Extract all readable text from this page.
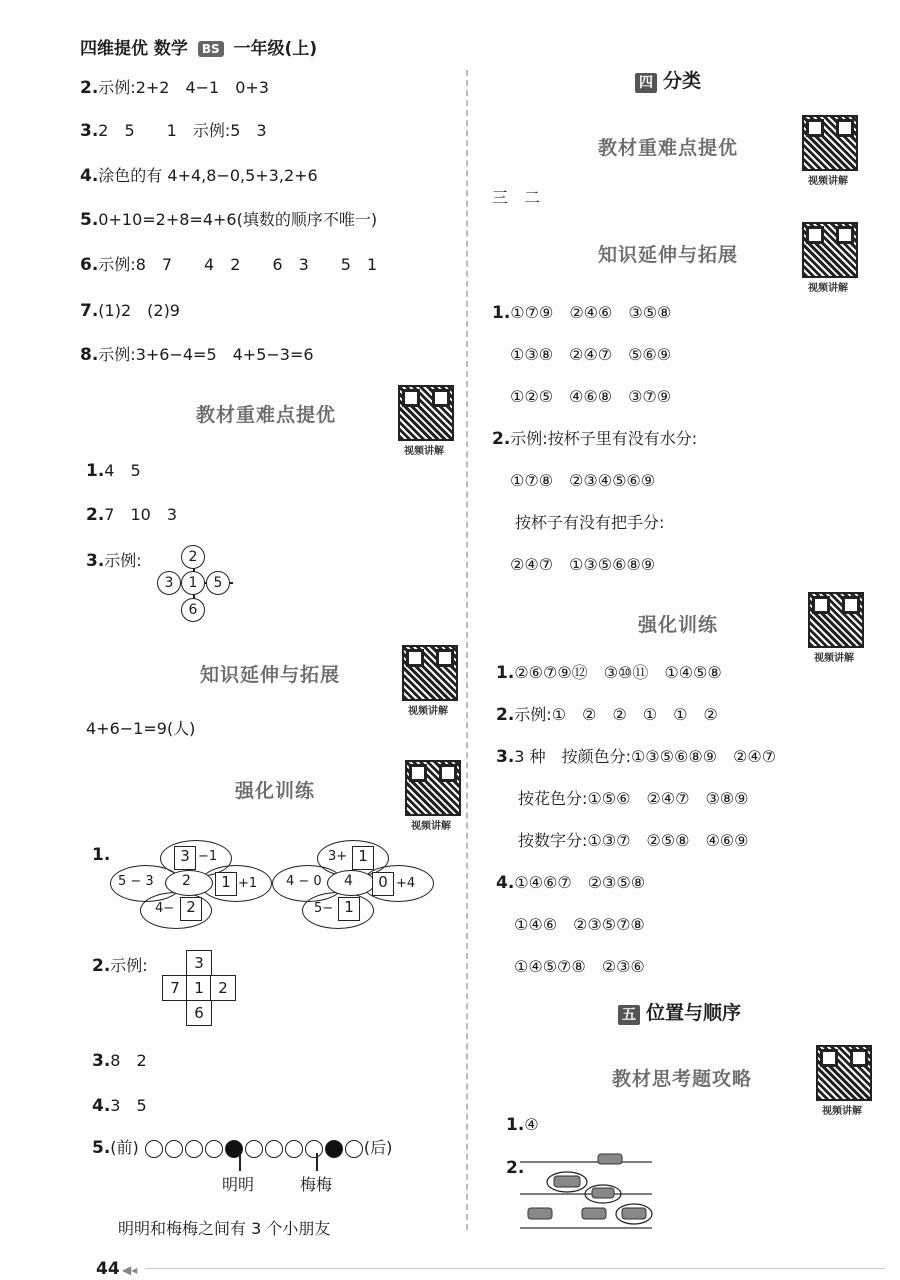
四维提优 数学 BS 一年级(上)
2.示例:2+2　4−1　0+3
3.2　5　　1　示例:5　3
4.涂色的有 4+4,8−0,5+3,2+6
5.0+10=2+8=4+6(填数的顺序不唯一)
6.示例:8　7　　4　2　　6　3　　5　1
7.(1)2　(2)9
8.示例:3+6−4=5　4+5−3=6
教材重难点提优
视频讲解
1.4　5
2.7　10　3
3.示例:	2
3	1	5
6
知识延伸与拓展
视频讲解
4+6−1=9(人)
强化训练
视频讲解
1.
2
3 −1
5 − 3	1 +1
4− 2
4
3+ 1
4 − 0	0 +4
5− 1
2.示例:	3
7 1 2
6
3.8　2
4.3　5
5.(前)	(后)
明明	梅梅
明明和梅梅之间有 3 个小朋友
四 分类
教材重难点提优
视频讲解
三　二
知识延伸与拓展
视频讲解
1.①⑦⑨　②④⑥　③⑤⑧
①③⑧　②④⑦　⑤⑥⑨
①②⑤　④⑥⑧　③⑦⑨
2.示例:按杯子里有没有水分:
①⑦⑧　②③④⑤⑥⑨
按杯子有没有把手分:
②④⑦　①③⑤⑥⑧⑨
强化训练
视频讲解
1.②⑥⑦⑨⑫　③⑩⑪　①④⑤⑧
2.示例:①　②　②　①　①　②
3.3 种　按颜色分:①③⑤⑥⑧⑨　②④⑦
按花色分:①⑤⑥　②④⑦　③⑧⑨
按数字分:①③⑦　②⑤⑧　④⑥⑨
4.①④⑥⑦　②③⑤⑧
①④⑥　②③⑤⑦⑧
①④⑤⑦⑧　②③⑥
五 位置与顺序
教材思考题攻略
视频讲解
1.④
2.
44 ◀◂
